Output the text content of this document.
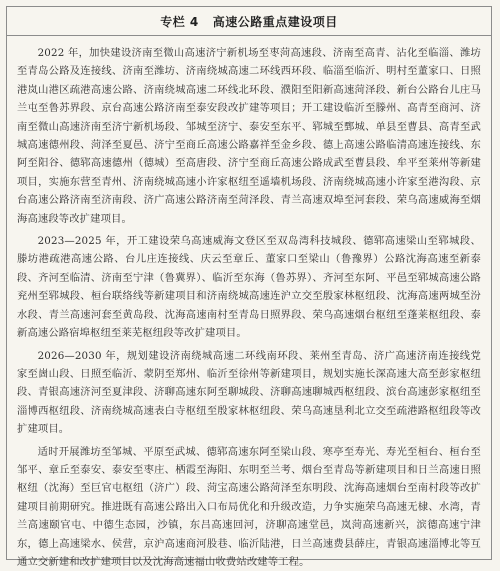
专栏 4 高速公路重点建设项目

2022 年，加快建设济南至微山高速济宁新机场至枣菏高速段、济南至高青、沾化至临淄、潍坊至青岛公路及连接线、济南至潍坊、济南绕城高速二环线西环段、临淄至临沂、明村至董家口、日照港岚山港区疏港高速公路、济南绕城高速二环线北环段、濮阳至阳新高速菏泽段、新台公路台儿庄马兰屯至鲁苏界段、京台高速公路济南至泰安段改扩建等项目；开工建设临沂至滕州、高青至商河、济南至微山高速济南至济宁新机场段、邹城至济宁、泰安至东平、郓城至鄄城、单县至曹县、高青至武城高速德州段、菏泽至夏邑、济宁至商丘高速公路嘉祥至金乡段、德上高速公路临清高速连接线、东阿至阳谷、德郓高速德州（德城）至高唐段、济宁至商丘高速公路成武至曹县段、牟平至莱州等新建项目，实施东营至青州、济南绕城高速小许家枢纽至遥墙机场段、济南绕城高速小许家至港沟段、京台高速公路济南至济南段、济广高速公路济南至菏泽段、青兰高速双埠至河套段、荣乌高速威海至烟海高速段等改扩建项目。

2023—2025 年，开工建设荣乌高速威海文登区至双岛湾科技城段、德郓高速梁山至郓城段、滕坊港疏港高速公路、台儿庄连接线、庆云至章丘、董家口至梁山（鲁豫界）公路沈海高速至新泰段、齐河至临清、济南至宁津（鲁冀界）、临沂至东海（鲁苏界）、齐河至东阿、平邑至郓城高速公路兖州至郓城段、桓台联络线等新建项目和济南绕城高速连沪立交至殷家林枢纽段、沈海高速两城至汾水段、青兰高速河套至黄岛段、沈海高速南村至青岛日照界段、荣乌高速烟台枢纽至蓬莱枢纽段、泰新高速公路宿埠枢纽至莱芜枢纽段等改扩建项目。

2026—2030 年，规划建设济南绕城高速二环线南环段、莱州至青岛、济广高速济南连接线党家至崮山段、日照至临沂、蒙阴至郑州、临沂至徐州等新建项目，规划实施长深高速大高至彭家枢纽段、青银高速济河至夏津段、济聊高速东阿至聊城段、济聊高速聊城西枢纽段、滨台高速彭家枢纽至淄博西枢纽段、济南绕城高速表白寺枢纽至殷家林枢纽段、荣乌高速垦利北立交至疏港路枢纽段等改扩建项目。

适时开展潍坊至邹城、平原至武城、德郓高速东阿至梁山段、寒亭至寿光、寿光至桓台、桓台至邹平、章丘至泰安、泰安至枣庄、栖霞至海阳、东明至兰考、烟台至青岛等新建项目和日兰高速日照枢纽（沈海）至巨官屯枢纽（济广）段、菏宝高速公路菏泽至东明段、沈海高速烟台至南村段等改扩建项目前期研究。推进既有高速公路出入口布局优化和升级改造，力争实施荣乌高速无棣、水湾，青兰高速颐官屯、中德生态园，沙镇，东吕高速回河，济聊高速堂邑，岚菏高速新兴，滨德高速宁津东，德上高速梁水、侯营，京沪高速商河股巷、临沂陆港，日兰高速费县薛庄，青银高速淄博北等互通立交新建和改扩建项目以及沈海高速福山收费站改建等工程。
